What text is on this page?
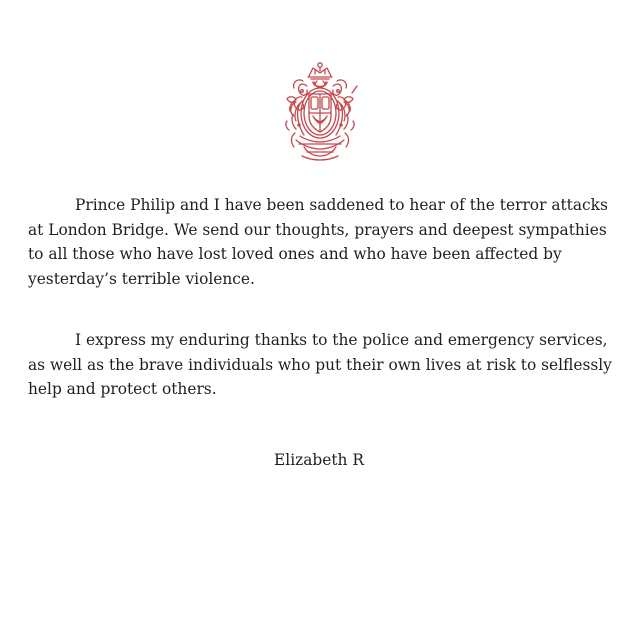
Prince Philip and I have been saddened to hear of the terror attacks at London Bridge. We send our thoughts, prayers and deepest sympathies to all those who have lost loved ones and who have been affected by yesterday’s terrible violence.

I express my enduring thanks to the police and emergency services, as well as the brave individuals who put their own lives at risk to selflessly help and protect others.

Elizabeth R
